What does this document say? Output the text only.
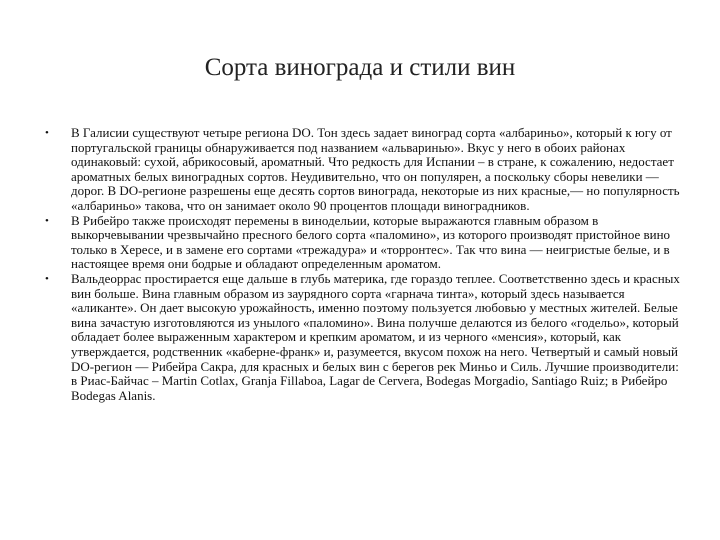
Сорта винограда и стили вин
•	В Галисии существуют четыре региона DO. Тон здесь задает виноград сорта «албариньо», который к югу от португальской границы обнаруживается под названием «альваринью». Вкус у него в обоих районах одинаковый: сухой, абрикосовый, ароматный. Что редкость для Испании – в стране, к сожалению, недостает ароматных белых виноградных сортов. Неудивительно, что он популярен, а поскольку сборы невелики — дорог. В DO-регионе разрешены еще десять сортов винограда, некоторые из них красные,— но популярность «албариньо» такова, что он занимает около 90 процентов площади виноградников.
•	В Рибейро также происходят перемены в винодельии, которые выражаются главным образом в выкорчевывании чрезвычайно пресного белого сорта «паломино», из которого производят пристойное вино только в Хересе, и в замене его сортами «трежадура» и «торронтес». Так что вина — неигристые белые, и в настоящее время они бодрые и обладают определенным ароматом.
•	Вальдеоррас простирается еще дальше в глубь материка, где гораздо теплее. Соответственно здесь и красных вин больше. Вина главным образом из заурядного сорта «гарнача тинта», который здесь называется «аликанте». Он дает высокую урожайность, именно поэтому пользуется любовью у местных жителей. Белые вина зачастую изготовляются из унылого «паломино». Вина получше делаются из белого «годельо», который обладает более выраженным характером и крепким ароматом, и из черного «менсия», который, как утверждается, родственник «каберне-франк» и, разумеется, вкусом похож на него. Четвертый и самый новый DO-регион — Рибейра Сакра, для красных и белых вин с берегов рек Миньо и Силь. Лучшие производители: в Риас-Байчас – Martin Cotlax, Granja Fillaboa, Lagar de Cervera, Bodegas Morgadio, Santiago Ruiz; в Рибейро Bodegas Alanis.
